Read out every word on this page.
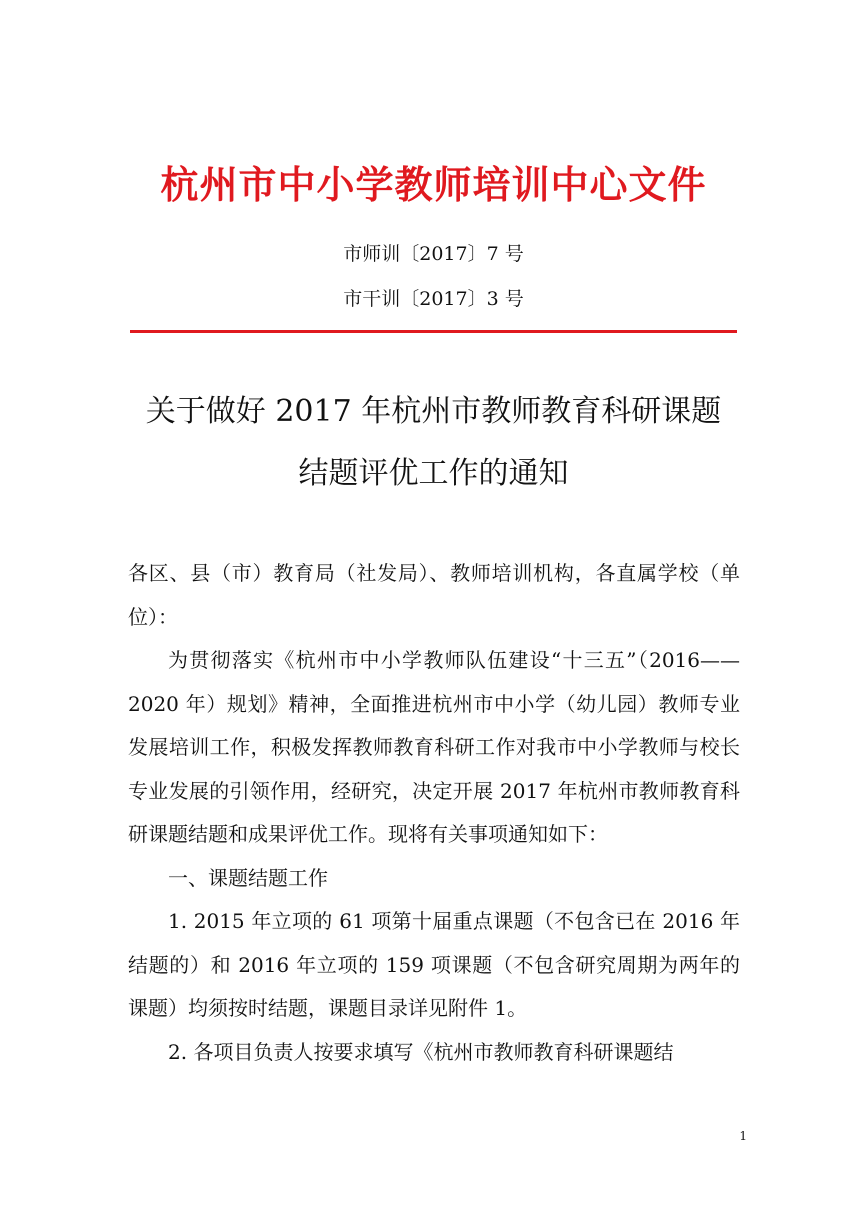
杭州市中小学教师培训中心文件
市师训〔2017〕7 号
市干训〔2017〕3 号
关于做好 2017 年杭州市教师教育科研课题
结题评优工作的通知

各区、县（市）教育局（社发局）、教师培训机构，各直属学校（单位）：

为贯彻落实《杭州市中小学教师队伍建设“十三五”（2016——2020 年）规划》精神，全面推进杭州市中小学（幼儿园）教师专业发展培训工作，积极发挥教师教育科研工作对我市中小学教师与校长专业发展的引领作用，经研究，决定开展 2017 年杭州市教师教育科研课题结题和成果评优工作。现将有关事项通知如下：

一、课题结题工作

1. 2015 年立项的 61 项第十届重点课题（不包含已在 2016 年结题的）和 2016 年立项的 159 项课题（不包含研究周期为两年的课题）均须按时结题，课题目录详见附件 1。

2. 各项目负责人按要求填写《杭州市教师教育科研课题结

1
